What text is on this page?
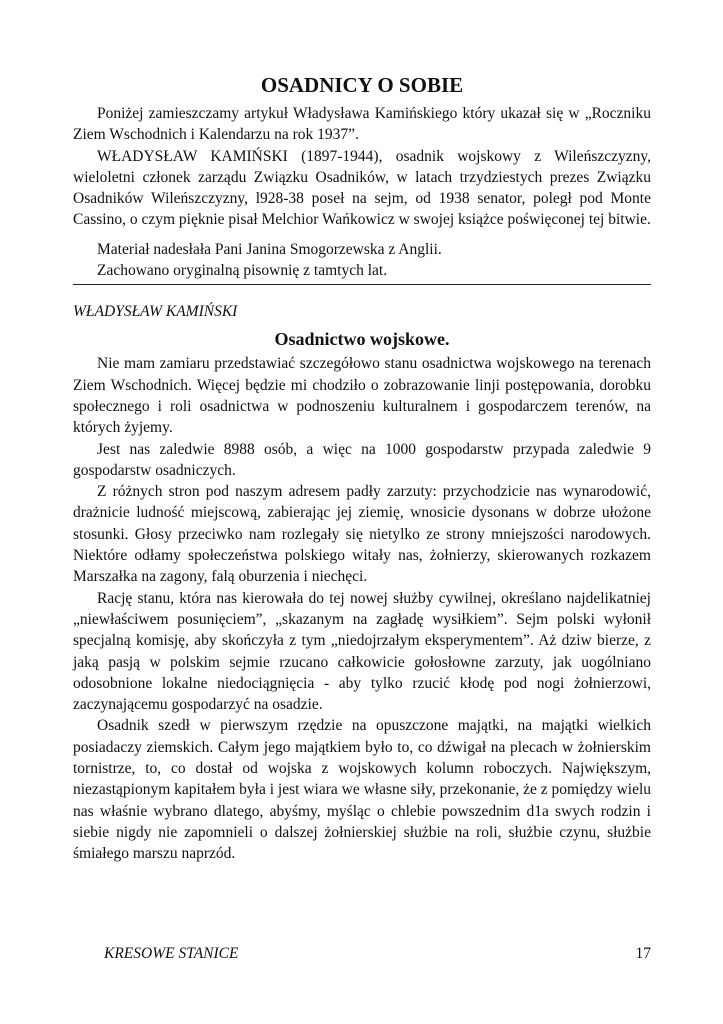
OSADNICY O SOBIE

Poniżej zamieszczamy artykuł Władysława Kamińskiego który ukazał się w „Roczniku Ziem Wschodnich i Kalendarzu na rok 1937”.

WŁADYSŁAW KAMIŃSKI (1897-1944), osadnik wojskowy z Wileńszczyzny, wieloletni członek zarządu Związku Osadników, w latach trzydziestych prezes Związku Osadników Wileńszczyzny, l928-38 poseł na sejm, od 1938 senator, poległ pod Monte Cassino, o czym pięknie pisał Melchior Wańkowicz w swojej książce poświęconej tej bitwie.

Materiał nadesłała Pani Janina Smogorzewska z Anglii.
Zachowano oryginalną pisownię z tamtych lat.
WŁADYSŁAW KAMIŃSKI
Osadnictwo wojskowe.

Nie mam zamiaru przedstawiać szczegółowo stanu osadnictwa wojskowego na terenach Ziem Wschodnich. Więcej będzie mi chodziło o zobrazowanie linji postępowania, dorobku społecznego i roli osadnictwa w podnoszeniu kulturalnem i gospodarczem terenów, na których żyjemy.

Jest nas zaledwie 8988 osób, a więc na 1000 gospodarstw przypada zaledwie 9 gospodarstw osadniczych.

Z różnych stron pod naszym adresem padły zarzuty: przychodzicie nas wynarodowić, drażnicie ludność miejscową, zabierając jej ziemię, wnosicie dysonans w dobrze ułożone stosunki. Głosy przeciwko nam rozlegały się nietylko ze strony mniejszości narodowych. Niektóre odłamy społeczeństwa polskiego witały nas, żołnierzy, skierowanych rozkazem Marszałka na zagony, falą oburzenia i niechęci.

Rację stanu, która nas kierowała do tej nowej służby cywilnej, określano najdelikatniej „niewłaściwem posunięciem”, „skazanym na zagładę wysiłkiem”. Sejm polski wyłonił specjalną komisję, aby skończyła z tym „niedojrzałym eksperymentem”. Aż dziw bierze, z jaką pasją w polskim sejmie rzucano całkowicie gołosłowne zarzuty, jak uogólniano odosobnione lokalne niedociągnięcia - aby tylko rzucić kłodę pod nogi żołnierzowi, zaczynającemu gospodarzyć na osadzie.

Osadnik szedł w pierwszym rzędzie na opuszczone majątki, na majątki wielkich posiadaczy ziemskich. Całym jego majątkiem było to, co dźwigał na plecach w żołnierskim tornistrze, to, co dostał od wojska z wojskowych kolumn roboczych. Największym, niezastąpionym kapitałem była i jest wiara we własne siły, przekonanie, że z pomiędzy wielu nas właśnie wybrano dlatego, abyśmy, myśląc o chlebie powszednim d1a swych rodzin i siebie nigdy nie zapomnieli o dalszej żołnierskiej służbie na roli, służbie czynu, służbie śmiałego marszu naprzód.

KRESOWE STANICE	17
